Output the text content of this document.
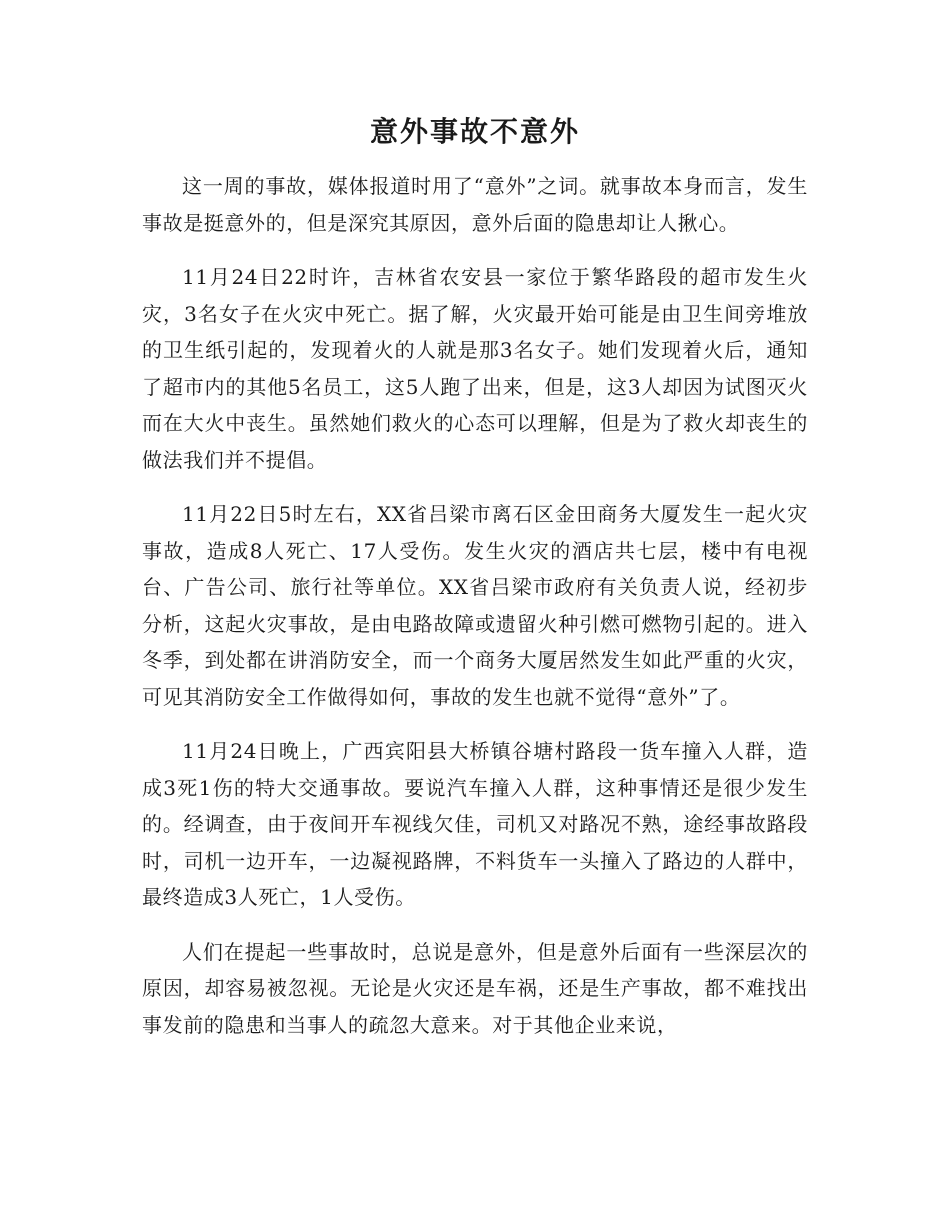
意外事故不意外

这一周的事故，媒体报道时用了“意外”之词。就事故本身而言，发生事故是挺意外的，但是深究其原因，意外后面的隐患却让人揪心。

11月24日22时许，吉林省农安县一家位于繁华路段的超市发生火灾，3名女子在火灾中死亡。据了解，火灾最开始可能是由卫生间旁堆放的卫生纸引起的，发现着火的人就是那3名女子。她们发现着火后，通知了超市内的其他5名员工，这5人跑了出来，但是，这3人却因为试图灭火而在大火中丧生。虽然她们救火的心态可以理解，但是为了救火却丧生的做法我们并不提倡。

11月22日5时左右，XX省吕梁市离石区金田商务大厦发生一起火灾事故，造成8人死亡、17人受伤。发生火灾的酒店共七层，楼中有电视台、广告公司、旅行社等单位。XX省吕梁市政府有关负责人说，经初步分析，这起火灾事故，是由电路故障或遗留火种引燃可燃物引起的。进入冬季，到处都在讲消防安全，而一个商务大厦居然发生如此严重的火灾，可见其消防安全工作做得如何，事故的发生也就不觉得“意外”了。

11月24日晚上，广西宾阳县大桥镇谷塘村路段一货车撞入人群，造成3死1伤的特大交通事故。要说汽车撞入人群，这种事情还是很少发生的。经调查，由于夜间开车视线欠佳，司机又对路况不熟，途经事故路段时，司机一边开车，一边凝视路牌，不料货车一头撞入了路边的人群中，最终造成3人死亡，1人受伤。

人们在提起一些事故时，总说是意外，但是意外后面有一些深层次的原因，却容易被忽视。无论是火灾还是车祸，还是生产事故，都不难找出事发前的隐患和当事人的疏忽大意来。对于其他企业来说，
